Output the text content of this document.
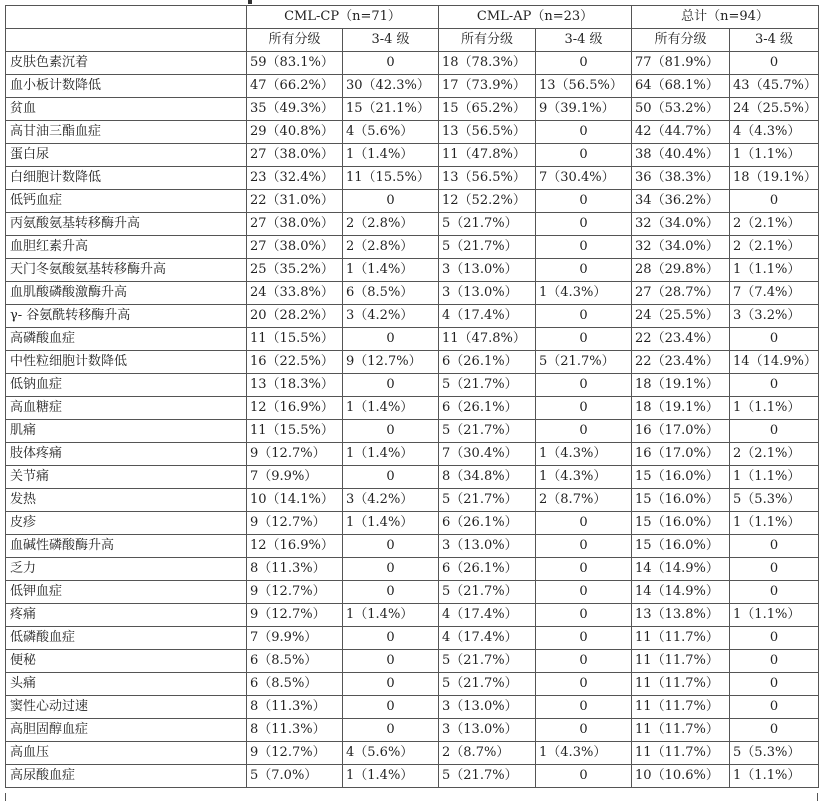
	CML-CP（n=71）		CML-AP（n=23）		总计（n=94）	
	所有分级	3-4 级	所有分级	3-4 级	所有分级	3-4 级
皮肤色素沉着	59（83.1%）	0	18（78.3%）	0	77（81.9%）	0
血小板计数降低	47（66.2%）	30（42.3%）	17（73.9%）	13（56.5%）	64（68.1%）	43（45.7%）
贫血	35（49.3%）	15（21.1%）	15（65.2%）	9（39.1%）	50（53.2%）	24（25.5%）
高甘油三酯血症	29（40.8%）	4（5.6%）	13（56.5%）	0	42（44.7%）	4（4.3%）
蛋白尿	27（38.0%）	1（1.4%）	11（47.8%）	0	38（40.4%）	1（1.1%）
白细胞计数降低	23（32.4%）	11（15.5%）	13（56.5%）	7（30.4%）	36（38.3%）	18（19.1%）
低钙血症	22（31.0%）	0	12（52.2%）	0	34（36.2%）	0
丙氨酸氨基转移酶升高	27（38.0%）	2（2.8%）	5（21.7%）	0	32（34.0%）	2（2.1%）
血胆红素升高	27（38.0%）	2（2.8%）	5（21.7%）	0	32（34.0%）	2（2.1%）
天门冬氨酸氨基转移酶升高	25（35.2%）	1（1.4%）	3（13.0%）	0	28（29.8%）	1（1.1%）
血肌酸磷酸激酶升高	24（33.8%）	6（8.5%）	3（13.0%）	1（4.3%）	27（28.7%）	7（7.4%）
γ- 谷氨酰转移酶升高	20（28.2%）	3（4.2%）	4（17.4%）	0	24（25.5%）	3（3.2%）
高磷酸血症	11（15.5%）	0	11（47.8%）	0	22（23.4%）	0
中性粒细胞计数降低	16（22.5%）	9（12.7%）	6（26.1%）	5（21.7%）	22（23.4%）	14（14.9%）
低钠血症	13（18.3%）	0	5（21.7%）	0	18（19.1%）	0
高血糖症	12（16.9%）	1（1.4%）	6（26.1%）	0	18（19.1%）	1（1.1%）
肌痛	11（15.5%）	0	5（21.7%）	0	16（17.0%）	0
肢体疼痛	9（12.7%）	1（1.4%）	7（30.4%）	1（4.3%）	16（17.0%）	2（2.1%）
关节痛	7（9.9%）	0	8（34.8%）	1（4.3%）	15（16.0%）	1（1.1%）
发热	10（14.1%）	3（4.2%）	5（21.7%）	2（8.7%）	15（16.0%）	5（5.3%）
皮疹	9（12.7%）	1（1.4%）	6（26.1%）	0	15（16.0%）	1（1.1%）
血碱性磷酸酶升高	12（16.9%）	0	3（13.0%）	0	15（16.0%）	0
乏力	8（11.3%）	0	6（26.1%）	0	14（14.9%）	0
低钾血症	9（12.7%）	0	5（21.7%）	0	14（14.9%）	0
疼痛	9（12.7%）	1（1.4%）	4（17.4%）	0	13（13.8%）	1（1.1%）
低磷酸血症	7（9.9%）	0	4（17.4%）	0	11（11.7%）	0
便秘	6（8.5%）	0	5（21.7%）	0	11（11.7%）	0
头痛	6（8.5%）	0	5（21.7%）	0	11（11.7%）	0
窦性心动过速	8（11.3%）	0	3（13.0%）	0	11（11.7%）	0
高胆固醇血症	8（11.3%）	0	3（13.0%）	0	11（11.7%）	0
高血压	9（12.7%）	4（5.6%）	2（8.7%）	1（4.3%）	11（11.7%）	5（5.3%）
高尿酸血症	5（7.0%）	1（1.4%）	5（21.7%）	0	10（10.6%）	1（1.1%）
